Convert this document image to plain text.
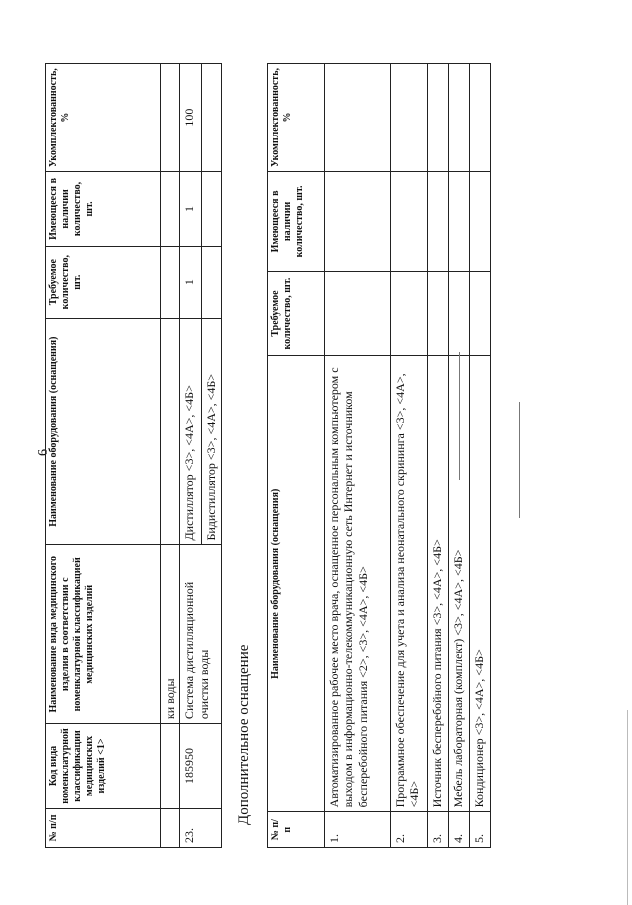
6
№ п/п	Код вида номенклатурной классификации медицинских изделий <1>	Наименование вида медицинского изделия в соответствии с номенклатурной классификацией медицинских изделий	Наименование оборудования (оснащения)	Требуемое количество, шт.	Имеющееся в наличии количество, шт.	Укомплектованность, %
		ки воды				
23.	185950	Система дистилляционной очистки воды	Дистиллятор <3>, <4А>, <4Б>	1	1	100
			Бидистиллятор <3>, <4А>, <4Б>			
Дополнительное оснащение
№ п/п	Наименование оборудования (оснащения)	Требуемое количество, шт.	Имеющееся в наличии количество, шт.	Укомплектованность, %
1.	Автоматизированное рабочее место врача, оснащенное персональным компьютером с выходом в информационно-телекоммуникационную сеть Интернет и источником бесперебойного питания <2>, <3>, <4А>, <4Б>			
2.	Программное обеспечение для учета и анализа неонатального скрининга <3>, <4А>, <4Б>			
3.	Источник бесперебойного питания <3>, <4А>, <4Б>			
4.	Мебель лабораторная (комплект) <3>, <4А>, <4Б>			
5.	Кондиционер <3>, <4А>, <4Б>			
